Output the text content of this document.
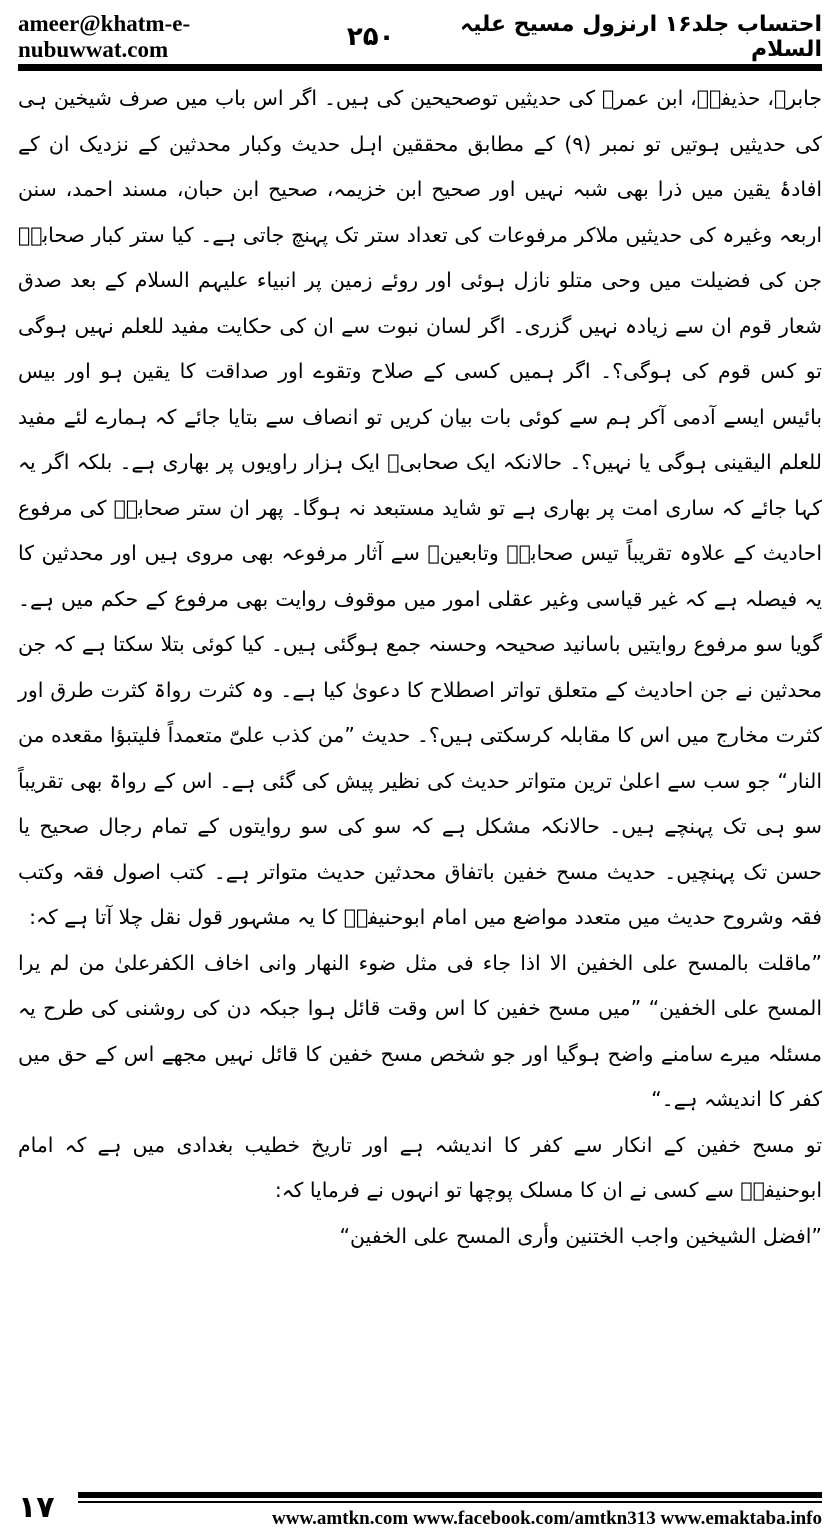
ameer@khatm-e-nubuwwat.com	۲۵۰	احتساب جلد۱۶ ارنزول مسیح علیہ السلام

جابرؓ، حذیفہؓ، ابن عمرؓ کی حدیثیں توصحیحین کی ہیں۔ اگر اس باب میں صرف شیخین ہی کی حدیثیں ہوتیں تو نمبر (۹) کے مطابق محققین اہل حدیث وکبار محدثین کے نزدیک ان کے افادۂ یقین میں ذرا بھی شبہ نہیں اور صحیح ابن خزیمہ، صحیح ابن حبان، مسند احمد، سنن اربعہ وغیرہ کی حدیثیں ملاکر مرفوعات کی تعداد ستر تک پہنچ جاتی ہے۔ کیا ستر کبار صحابہؓ جن کی فضیلت میں وحی متلو نازل ہوئی اور روئے زمین پر انبیاء علیہم السلام کے بعد صدق شعار قوم ان سے زیادہ نہیں گزری۔ اگر لسان نبوت سے ان کی حکایت مفید للعلم نہیں ہوگی تو کس قوم کی ہوگی؟۔ اگر ہمیں کسی کے صلاح وتقوے اور صداقت کا یقین ہو اور بیس بائیس ایسے آدمی آکر ہم سے کوئی بات بیان کریں تو انصاف سے بتایا جائے کہ ہمارے لئے مفید للعلم الیقینی ہوگی یا نہیں؟۔ حالانکہ ایک صحابیؓ ایک ہزار راویوں پر بھاری ہے۔ بلکہ اگر یہ کہا جائے کہ ساری امت پر بھاری ہے تو شاید مستبعد نہ ہوگا۔ پھر ان ستر صحابہؓ کی مرفوع احادیث کے علاوہ تقریباً تیس صحابہؓ وتابعینؒ سے آثار مرفوعہ بھی مروی ہیں اور محدثین کا یہ فیصلہ ہے کہ غیر قیاسی وغیر عقلی امور میں موقوف روایت بھی مرفوع کے حکم میں ہے۔ گویا سو مرفوع روایتیں باسانید صحیحہ وحسنہ جمع ہوگئی ہیں۔ کیا کوئی بتلا سکتا ہے کہ جن محدثین نے جن احادیث کے متعلق تواتر اصطلاح کا دعویٰ کیا ہے۔ وہ کثرت رواۃ کثرت طرق اور کثرت مخارج میں اس کا مقابلہ کرسکتی ہیں؟۔ حدیث ”من كذب علىّ متعمداً فليتبؤا مقعده من النار“ جو سب سے اعلیٰ ترین متواتر حدیث کی نظیر پیش کی گئی ہے۔ اس کے رواۃ بھی تقریباً سو ہی تک پہنچے ہیں۔ حالانکہ مشکل ہے کہ سو کی سو روایتوں کے تمام رجال صحیح یا حسن تک پہنچیں۔ حدیث مسح خفین باتفاق محدثین حدیث متواتر ہے۔ کتب اصول فقہ وکتب فقہ وشروح حدیث میں متعدد مواضع میں امام ابوحنیفہؒ کا یہ مشہور قول نقل چلا آتا ہے کہ:

”ماقلت بالمسح على الخفين الا اذا جاء فی مثل ضوء النهار وانی اخاف الكفرعلیٰ من لم يرا المسح على الخفين“ ”میں مسح خفین کا اس وقت قائل ہوا جبکہ دن کی روشنی کی طرح یہ مسئلہ میرے سامنے واضح ہوگیا اور جو شخص مسح خفین کا قائل نہیں مجھے اس کے حق میں کفر کا اندیشہ ہے۔“

تو مسح خفین کے انکار سے کفر کا اندیشہ ہے اور تاریخ خطیب بغدادی میں ہے کہ امام ابوحنیفہؒ سے کسی نے ان کا مسلک پوچھا تو انہوں نے فرمایا کہ:

”افضل الشيخين واجب الختنين وأرى المسح على الخفين“

۱۷	www.amtkn.com www.facebook.com/amtkn313 www.emaktaba.info
